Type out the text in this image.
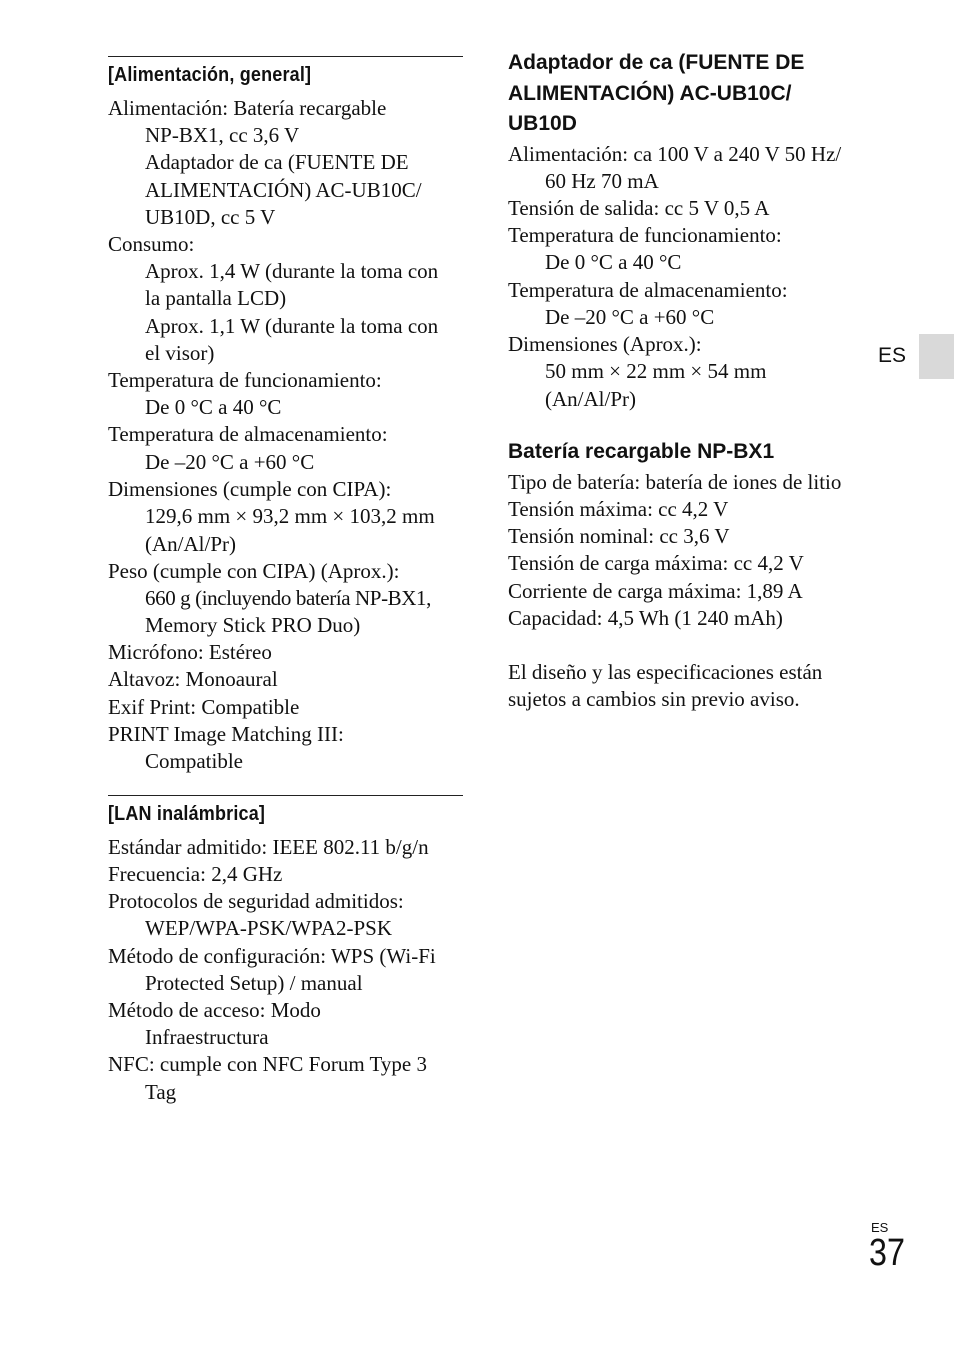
[Alimentación, general]
Alimentación: Batería recargable
NP-BX1, cc 3,6 V
Adaptador de ca (FUENTE DE
ALIMENTACIÓN) AC-UB10C/
UB10D, cc 5 V
Consumo:
Aprox. 1,4 W (durante la toma con
la pantalla LCD)
Aprox. 1,1 W (durante la toma con
el visor)
Temperatura de funcionamiento:
De 0 °C a 40 °C
Temperatura de almacenamiento:
De –20 °C a +60 °C
Dimensiones (cumple con CIPA):
129,6 mm × 93,2 mm × 103,2 mm
(An/Al/Pr)
Peso (cumple con CIPA) (Aprox.):
660 g (incluyendo batería NP-BX1,
Memory Stick PRO Duo)
Micrófono: Estéreo
Altavoz: Monoaural
Exif Print: Compatible
PRINT Image Matching III:
Compatible
[LAN inalámbrica]
Estándar admitido: IEEE 802.11 b/g/n
Frecuencia: 2,4 GHz
Protocolos de seguridad admitidos:
WEP/WPA-PSK/WPA2-PSK
Método de configuración: WPS (Wi-Fi
Protected Setup) / manual
Método de acceso: Modo
Infraestructura
NFC: cumple con NFC Forum Type 3
Tag
Adaptador de ca (FUENTE DE
ALIMENTACIÓN) AC-UB10C/
UB10D
Alimentación: ca 100 V a 240 V 50 Hz/
60 Hz 70 mA
Tensión de salida: cc 5 V 0,5 A
Temperatura de funcionamiento:
De 0 °C a 40 °C
Temperatura de almacenamiento:
De –20 °C a +60 °C
Dimensiones (Aprox.):
50 mm × 22 mm × 54 mm
(An/Al/Pr)
Batería recargable NP-BX1
Tipo de batería: batería de iones de litio
Tensión máxima: cc 4,2 V
Tensión nominal: cc 3,6 V
Tensión de carga máxima: cc 4,2 V
Corriente de carga máxima: 1,89 A
Capacidad: 4,5 Wh (1 240 mAh)
El diseño y las especificaciones están
sujetos a cambios sin previo aviso.
ES
ES
37
